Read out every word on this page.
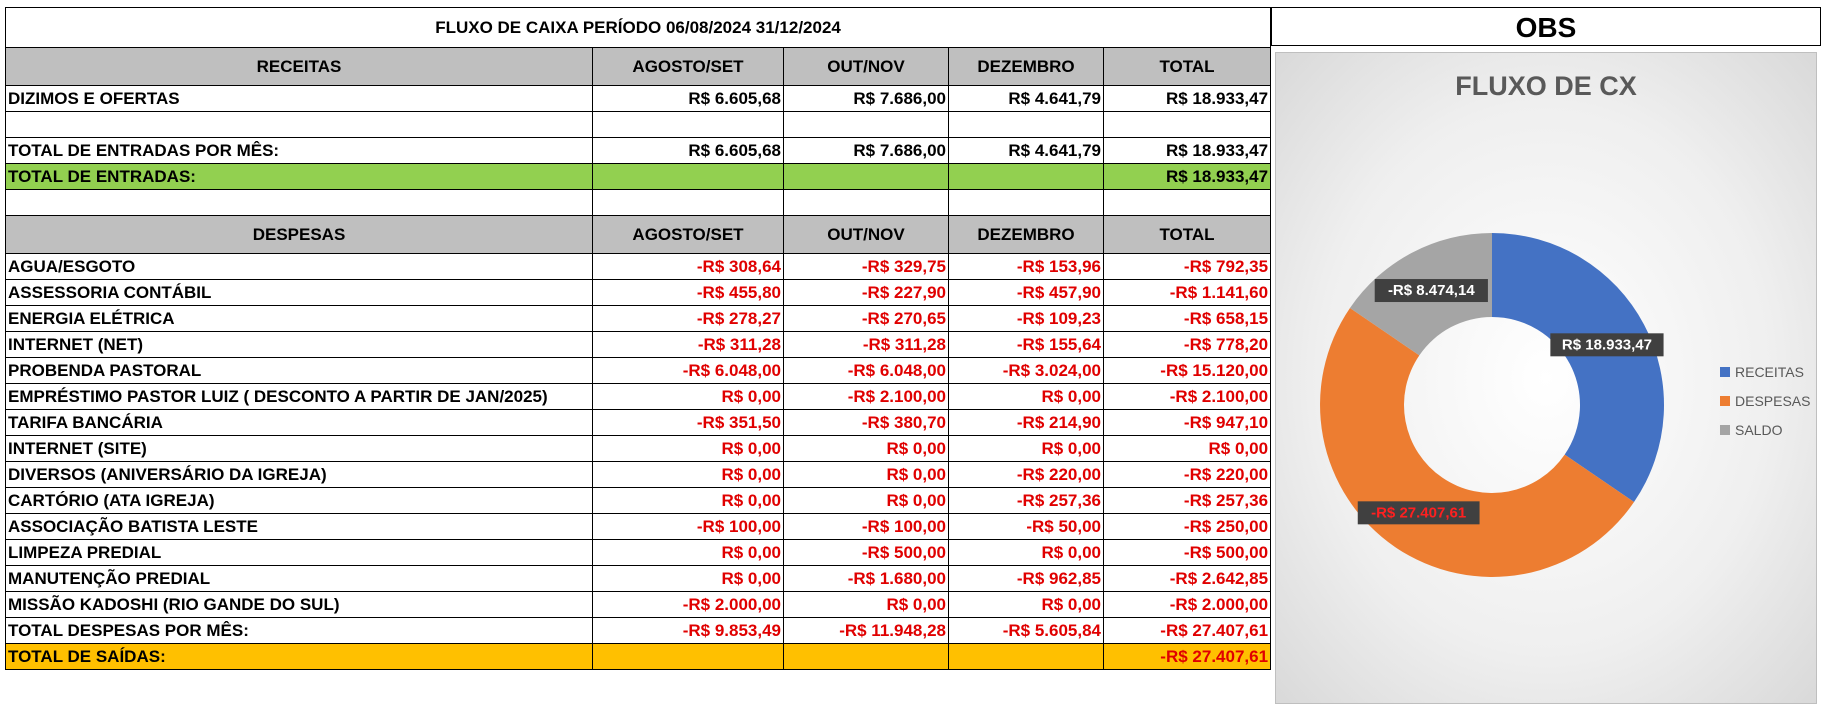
FLUXO DE CAIXA PERÍODO 06/08/2024 31/12/2024				
RECEITAS	AGOSTO/SET	OUT/NOV	DEZEMBRO	TOTAL
DIZIMOS E OFERTAS	R$ 6.605,68	R$ 7.686,00	R$ 4.641,79	R$ 18.933,47

TOTAL DE ENTRADAS POR MÊS:	R$ 6.605,68	R$ 7.686,00	R$ 4.641,79	R$ 18.933,47
TOTAL DE ENTRADAS:				R$ 18.933,47

DESPESAS	AGOSTO/SET	OUT/NOV	DEZEMBRO	TOTAL
AGUA/ESGOTO	-R$ 308,64	-R$ 329,75	-R$ 153,96	-R$ 792,35
ASSESSORIA CONTÁBIL	-R$ 455,80	-R$ 227,90	-R$ 457,90	-R$ 1.141,60
ENERGIA ELÉTRICA	-R$ 278,27	-R$ 270,65	-R$ 109,23	-R$ 658,15
INTERNET (NET)	-R$ 311,28	-R$ 311,28	-R$ 155,64	-R$ 778,20
PROBENDA PASTORAL	-R$ 6.048,00	-R$ 6.048,00	-R$ 3.024,00	-R$ 15.120,00
EMPRÉSTIMO PASTOR LUIZ ( DESCONTO A PARTIR DE JAN/2025)	R$ 0,00	-R$ 2.100,00	R$ 0,00	-R$ 2.100,00
TARIFA BANCÁRIA	-R$ 351,50	-R$ 380,70	-R$ 214,90	-R$ 947,10
INTERNET (SITE)	R$ 0,00	R$ 0,00	R$ 0,00	R$ 0,00
DIVERSOS (ANIVERSÁRIO DA IGREJA)	R$ 0,00	R$ 0,00	-R$ 220,00	-R$ 220,00
CARTÓRIO (ATA IGREJA)	R$ 0,00	R$ 0,00	-R$ 257,36	-R$ 257,36
ASSOCIAÇÃO BATISTA LESTE	-R$ 100,00	-R$ 100,00	-R$ 50,00	-R$ 250,00
LIMPEZA PREDIAL	R$ 0,00	-R$ 500,00	R$ 0,00	-R$ 500,00
MANUTENÇÃO PREDIAL	R$ 0,00	-R$ 1.680,00	-R$ 962,85	-R$ 2.642,85
MISSÃO KADOSHI (RIO GANDE DO SUL)	-R$ 2.000,00	R$ 0,00	R$ 0,00	-R$ 2.000,00
TOTAL DESPESAS POR MÊS:	-R$ 9.853,49	-R$ 11.948,28	-R$ 5.605,84	-R$ 27.407,61
TOTAL DE SAÍDAS:				-R$ 27.407,61
OBS
FLUXO DE CX
R$ 18.933,47
-R$ 27.407,61
-R$ 8.474,14
RECEITAS
DESPESAS
SALDO
